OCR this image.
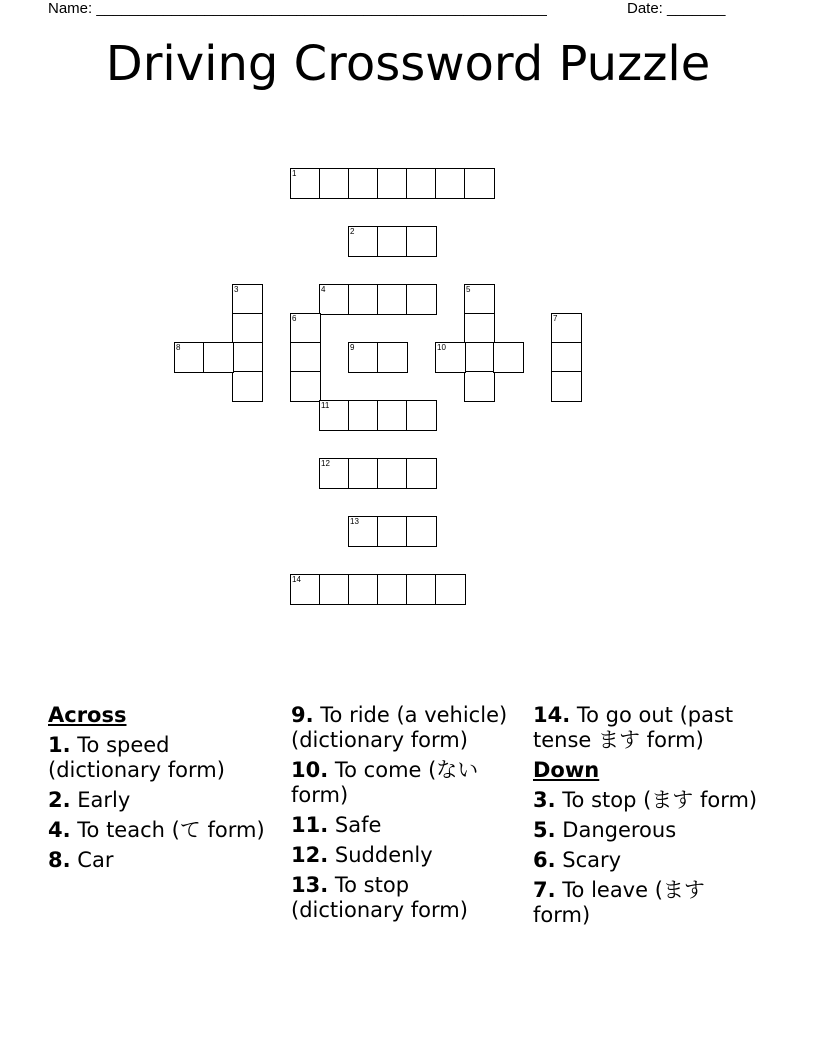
Name: ______________________________________________________	Date: _______
Driving Crossword Puzzle
1
2
3	4	5
6	7
8	9	10
11
12
13
14
Across
1. To speed (dictionary form)
2. Early
4. To teach (て form)
8. Car
9. To ride (a vehicle) (dictionary form)
10. To come (ない form)
11. Safe
12. Suddenly
13. To stop (dictionary form)
14. To go out (past tense ます form)
Down
3. To stop (ます form)
5. Dangerous
6. Scary
7. To leave (ます form)
